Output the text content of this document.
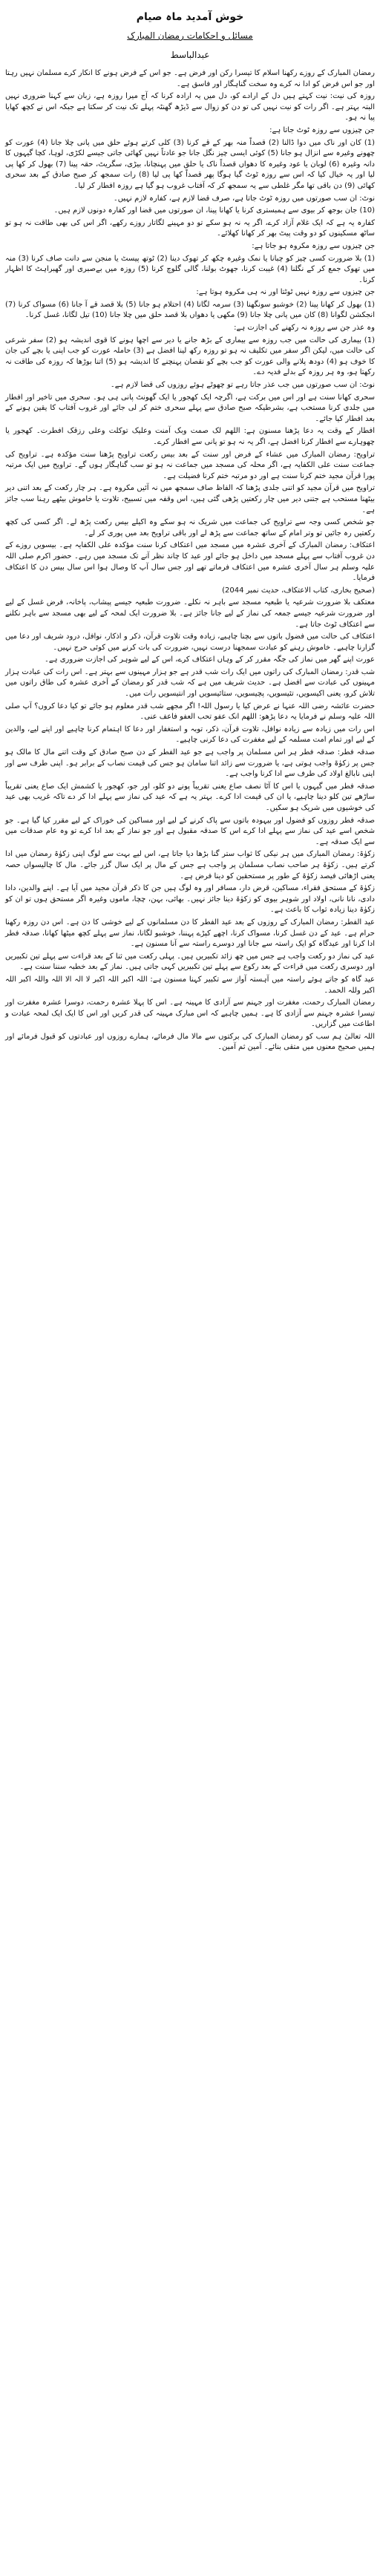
خوش آمدید ماہ صیام
مسائل و احکامات رمضان المبارک
عبدالباسط

رمضان المبارک کے روزے رکھنا اسلام کا تیسرا رکن اور فرض ہے۔ جو اس کے فرض ہونے کا انکار کرے مسلمان نہیں رہتا اور جو اس فرض کو ادا نہ کرے وہ سخت گناہگار اور فاسق ہے۔

روزہ کی نیت: نیت کہتے ہیں دل کے ارادے کو، دل میں یہ ارادہ کرنا کہ آج میرا روزہ ہے، زبان سے کہنا ضروری نہیں البتہ بہتر ہے۔ اگر رات کو نیت نہیں کی تو دن کو زوال سے ڈیڑھ گھنٹہ پہلے تک نیت کر سکتا ہے جبکہ اس نے کچھ کھایا پیا نہ ہو۔

جن چیزوں سے روزہ ٹوٹ جاتا ہے:

(1) کان اور ناک میں دوا ڈالنا (2) قصداً منہ بھر کے قے کرنا (3) کلی کرتے ہوئے حلق میں پانی چلا جانا (4) عورت کو چھونے وغیرہ سے انزال ہو جانا (5) کوئی ایسی چیز نگل جانا جو عادتاً نہیں کھائی جاتی جیسے لکڑی، لوہا، کچا گیہوں کا دانہ وغیرہ (6) لوبان یا عود وغیرہ کا دھواں قصداً ناک یا حلق میں پہنچانا، بیڑی، سگریٹ، حقہ پینا (7) بھول کر کھا پی لیا اور یہ خیال کیا کہ اس سے روزہ ٹوٹ گیا ہوگا پھر قصداً کھا پی لیا (8) رات سمجھ کر صبح صادق کے بعد سحری کھائی (9) دن باقی تھا مگر غلطی سے یہ سمجھ کر کہ آفتاب غروب ہو گیا ہے روزہ افطار کر لیا۔

نوٹ: ان سب صورتوں میں روزہ ٹوٹ جاتا ہے، صرف قضا لازم ہے، کفارہ لازم نہیں۔

(10) جان بوجھ کر بیوی سے ہمبستری کرنا یا کھانا پینا، ان صورتوں میں قضا اور کفارہ دونوں لازم ہیں۔

کفارہ یہ ہے کہ ایک غلام آزاد کرے، اگر یہ نہ ہو سکے تو دو مہینے لگاتار روزے رکھے، اگر اس کی بھی طاقت نہ ہو تو ساٹھ مسکینوں کو دو وقت پیٹ بھر کر کھانا کھلائے۔

جن چیزوں سے روزہ مکروہ ہو جاتا ہے:

(1) بلا ضرورت کسی چیز کو چبانا یا نمک وغیرہ چکھ کر تھوک دینا (2) ٹوتھ پیسٹ یا منجن سے دانت صاف کرنا (3) منہ میں تھوک جمع کر کے نگلنا (4) غیبت کرنا، جھوٹ بولنا، گالی گلوچ کرنا (5) روزہ میں بےصبری اور گھبراہٹ کا اظہار کرنا۔

جن چیزوں سے روزہ نہیں ٹوٹتا اور نہ ہی مکروہ ہوتا ہے:

(1) بھول کر کھانا پینا (2) خوشبو سونگھنا (3) سرمہ لگانا (4) احتلام ہو جانا (5) بلا قصد قے آ جانا (6) مسواک کرنا (7) انجکشن لگوانا (8) کان میں پانی چلا جانا (9) مکھی یا دھواں بلا قصد حلق میں چلا جانا (10) تیل لگانا، غسل کرنا۔

وہ عذر جن سے روزہ نہ رکھنے کی اجازت ہے:

(1) بیماری کی حالت میں جب روزہ سے بیماری کے بڑھ جانے یا دیر سے اچھا ہونے کا قوی اندیشہ ہو (2) سفر شرعی کی حالت میں، لیکن اگر سفر میں تکلیف نہ ہو تو روزہ رکھ لینا افضل ہے (3) حاملہ عورت کو جب اپنی یا بچے کی جان کا خوف ہو (4) دودھ پلانے والی عورت کو جب بچے کو نقصان پہنچنے کا اندیشہ ہو (5) اتنا بوڑھا کہ روزہ کی طاقت نہ رکھتا ہو، وہ ہر روزہ کے بدلے فدیہ دے۔

نوٹ: ان سب صورتوں میں جب عذر جاتا رہے تو چھوٹے ہوئے روزوں کی قضا لازم ہے۔

سحری کھانا سنت ہے اور اس میں برکت ہے، اگرچہ ایک کھجور یا ایک گھونٹ پانی ہی ہو۔ سحری میں تاخیر اور افطار میں جلدی کرنا مستحب ہے، بشرطیکہ صبح صادق سے پہلے سحری ختم کر لی جائے اور غروب آفتاب کا یقین ہونے کے بعد افطار کیا جائے۔

افطار کے وقت یہ دعا پڑھنا مسنون ہے: اللھم لک صمت وبک آمنت وعلیک توکلت وعلی رزقک افطرت۔ کھجور یا چھوہارے سے افطار کرنا افضل ہے، اگر یہ نہ ہو تو پانی سے افطار کرے۔

تراویح: رمضان المبارک میں عشاء کے فرض اور سنت کے بعد بیس رکعت تراویح پڑھنا سنت مؤکدہ ہے۔ تراویح کی جماعت سنت علی الکفایہ ہے، اگر محلہ کی مسجد میں جماعت نہ ہو تو سب گناہگار ہوں گے۔ تراویح میں ایک مرتبہ پورا قرآن مجید ختم کرنا سنت ہے اور دو مرتبہ ختم کرنا فضیلت ہے۔

تراویح میں قرآن مجید کو اتنی جلدی پڑھنا کہ الفاظ صاف سمجھ میں نہ آئیں مکروہ ہے۔ ہر چار رکعت کے بعد اتنی دیر بیٹھنا مستحب ہے جتنی دیر میں چار رکعتیں پڑھی گئی ہیں، اس وقفہ میں تسبیح، تلاوت یا خاموش بیٹھے رہنا سب جائز ہے۔

جو شخص کسی وجہ سے تراویح کی جماعت میں شریک نہ ہو سکے وہ اکیلے بیس رکعت پڑھ لے۔ اگر کسی کی کچھ رکعتیں رہ جائیں تو وتر امام کے ساتھ جماعت سے پڑھ لے اور باقی تراویح بعد میں پوری کر لے۔

اعتکاف: رمضان المبارک کے آخری عشرہ میں مسجد میں اعتکاف کرنا سنت مؤکدہ علی الکفایہ ہے۔ بیسویں روزے کے دن غروب آفتاب سے پہلے مسجد میں داخل ہو جائے اور عید کا چاند نظر آنے تک مسجد میں رہے۔ حضور اکرم صلی اللہ علیہ وسلم ہر سال آخری عشرہ میں اعتکاف فرماتے تھے اور جس سال آپ کا وصال ہوا اس سال بیس دن کا اعتکاف فرمایا۔

(صحیح بخاری، کتاب الاعتکاف، حدیث نمبر 2044)

معتکف بلا ضرورت شرعیہ یا طبعیہ مسجد سے باہر نہ نکلے۔ ضرورت طبعیہ جیسے پیشاب، پاخانہ، فرض غسل کے لیے اور ضرورت شرعیہ جیسے جمعہ کی نماز کے لیے جانا جائز ہے۔ بلا ضرورت ایک لمحہ کے لیے بھی مسجد سے باہر نکلنے سے اعتکاف ٹوٹ جاتا ہے۔

اعتکاف کی حالت میں فضول باتوں سے بچنا چاہیے، زیادہ وقت تلاوت قرآن، ذکر و اذکار، نوافل، درود شریف اور دعا میں گزارنا چاہیے۔ خاموش رہنے کو عبادت سمجھنا درست نہیں، ضرورت کی بات کرنے میں کوئی حرج نہیں۔

عورت اپنے گھر میں نماز کی جگہ مقرر کر کے وہاں اعتکاف کرے، اس کے لیے شوہر کی اجازت ضروری ہے۔

شب قدر: رمضان المبارک کی راتوں میں ایک رات شب قدر ہے جو ہزار مہینوں سے بہتر ہے۔ اس رات کی عبادت ہزار مہینوں کی عبادت سے افضل ہے۔ حدیث شریف میں ہے کہ شب قدر کو رمضان کے آخری عشرہ کی طاق راتوں میں تلاش کرو، یعنی اکیسویں، تئیسویں، پچیسویں، ستائیسویں اور انتیسویں رات میں۔

حضرت عائشہ رضی اللہ عنہا نے عرض کیا یا رسول اللہ! اگر مجھے شب قدر معلوم ہو جائے تو کیا دعا کروں؟ آپ صلی اللہ علیہ وسلم نے فرمایا یہ دعا پڑھو: اللھم انک عفو تحب العفو فاعف عنی۔

اس رات میں زیادہ سے زیادہ نوافل، تلاوت قرآن، ذکر، توبہ و استغفار اور دعا کا اہتمام کرنا چاہیے اور اپنے لیے، والدین کے لیے اور تمام امت مسلمہ کے لیے مغفرت کی دعا کرنی چاہیے۔

صدقہ فطر: صدقہ فطر ہر اس مسلمان پر واجب ہے جو عید الفطر کے دن صبح صادق کے وقت اتنے مال کا مالک ہو جس پر زکوٰۃ واجب ہوتی ہے، یا ضرورت سے زائد اتنا سامان ہو جس کی قیمت نصاب کے برابر ہو۔ اپنی طرف سے اور اپنی نابالغ اولاد کی طرف سے ادا کرنا واجب ہے۔

صدقہ فطر میں گیہوں یا اس کا آٹا نصف صاع یعنی تقریباً پونے دو کلو، اور جو، کھجور یا کشمش ایک صاع یعنی تقریباً ساڑھے تین کلو دینا چاہیے، یا ان کی قیمت ادا کرے۔ بہتر یہ ہے کہ عید کی نماز سے پہلے ادا کر دے تاکہ غریب بھی عید کی خوشیوں میں شریک ہو سکیں۔

صدقہ فطر روزوں کو فضول اور بیہودہ باتوں سے پاک کرنے کے لیے اور مساکین کی خوراک کے لیے مقرر کیا گیا ہے۔ جو شخص اسے عید کی نماز سے پہلے ادا کرے اس کا صدقہ مقبول ہے اور جو نماز کے بعد ادا کرے تو وہ عام صدقات میں سے ایک صدقہ ہے۔

زکوٰۃ: رمضان المبارک میں ہر نیکی کا ثواب ستر گنا بڑھا دیا جاتا ہے، اس لیے بہت سے لوگ اپنی زکوٰۃ رمضان میں ادا کرتے ہیں۔ زکوٰۃ ہر صاحب نصاب مسلمان پر واجب ہے جس کے مال پر ایک سال گزر جائے۔ مال کا چالیسواں حصہ یعنی اڑھائی فیصد زکوٰۃ کے طور پر مستحقین کو دینا فرض ہے۔

زکوٰۃ کے مستحق فقراء، مساکین، قرض دار، مسافر اور وہ لوگ ہیں جن کا ذکر قرآن مجید میں آیا ہے۔ اپنے والدین، دادا دادی، نانا نانی، اولاد اور شوہر بیوی کو زکوٰۃ دینا جائز نہیں۔ بھائی، بہن، چچا، ماموں وغیرہ اگر مستحق ہوں تو ان کو زکوٰۃ دینا زیادہ ثواب کا باعث ہے۔

عید الفطر: رمضان المبارک کے روزوں کے بعد عید الفطر کا دن مسلمانوں کے لیے خوشی کا دن ہے۔ اس دن روزہ رکھنا حرام ہے۔ عید کے دن غسل کرنا، مسواک کرنا، اچھے کپڑے پہننا، خوشبو لگانا، نماز سے پہلے کچھ میٹھا کھانا، صدقہ فطر ادا کرنا اور عیدگاہ کو ایک راستہ سے جانا اور دوسرے راستہ سے آنا مسنون ہے۔

عید کی نماز دو رکعت واجب ہے جس میں چھ زائد تکبیریں ہیں۔ پہلی رکعت میں ثنا کے بعد قراءت سے پہلے تین تکبیریں اور دوسری رکعت میں قراءت کے بعد رکوع سے پہلے تین تکبیریں کہی جاتی ہیں۔ نماز کے بعد خطبہ سننا سنت ہے۔

عید گاہ کو جاتے ہوئے راستہ میں آہستہ آواز سے تکبیر کہنا مسنون ہے: اللہ اکبر اللہ اکبر لا الہ الا اللہ واللہ اکبر اللہ اکبر وللہ الحمد۔

رمضان المبارک رحمت، مغفرت اور جہنم سے آزادی کا مہینہ ہے۔ اس کا پہلا عشرہ رحمت، دوسرا عشرہ مغفرت اور تیسرا عشرہ جہنم سے آزادی کا ہے۔ ہمیں چاہیے کہ اس مبارک مہینہ کی قدر کریں اور اس کا ایک ایک لمحہ عبادت و اطاعت میں گزاریں۔

اللہ تعالیٰ ہم سب کو رمضان المبارک کی برکتوں سے مالا مال فرمائے، ہمارے روزوں اور عبادتوں کو قبول فرمائے اور ہمیں صحیح معنوں میں متقی بنائے۔ آمین ثم آمین۔
